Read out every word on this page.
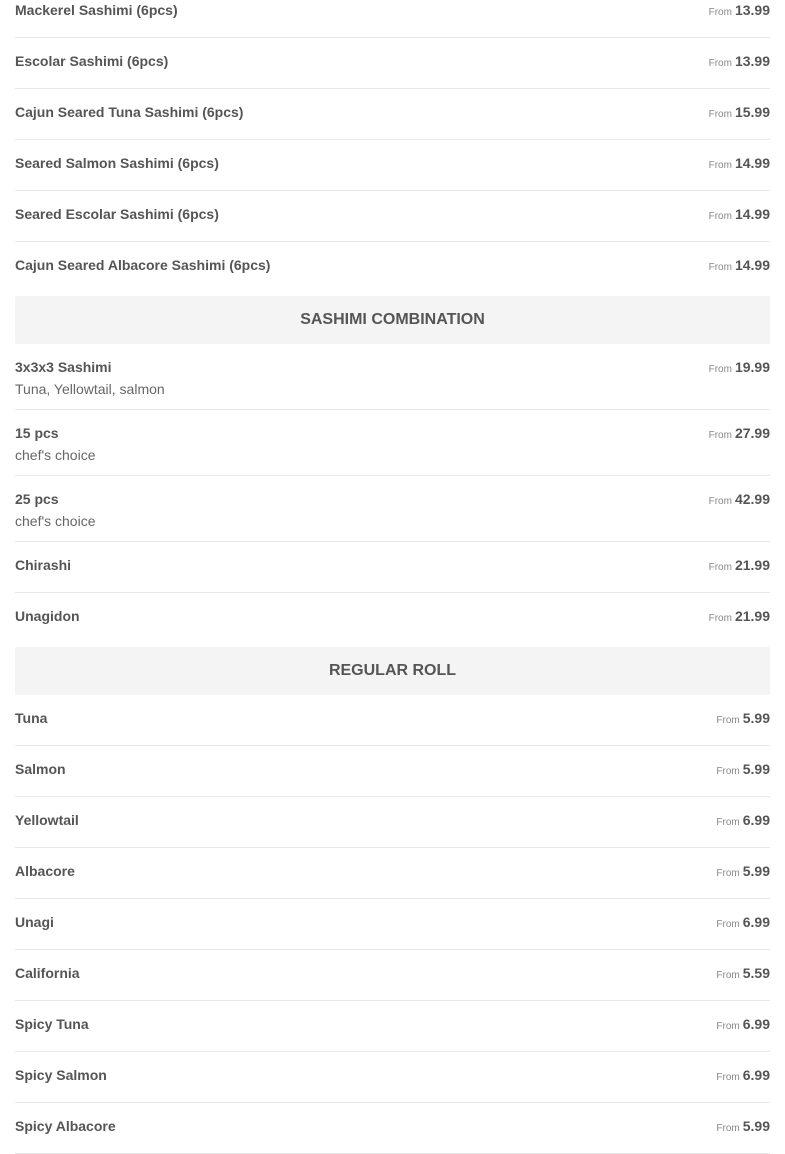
Mackerel Sashimi (6pcs)	From 13.99
Escolar Sashimi (6pcs)	From 13.99
Cajun Seared Tuna Sashimi (6pcs)	From 15.99
Seared Salmon Sashimi (6pcs)	From 14.99
Seared Escolar Sashimi (6pcs)	From 14.99
Cajun Seared Albacore Sashimi (6pcs)	From 14.99
SASHIMI COMBINATION
3x3x3 Sashimi
Tuna, Yellowtail, salmon
From 19.99
15 pcs
chef's choice
From 27.99
25 pcs
chef's choice
From 42.99
Chirashi	From 21.99
Unagidon	From 21.99
REGULAR ROLL
Tuna	From 5.99
Salmon	From 5.99
Yellowtail	From 6.99
Albacore	From 5.99
Unagi	From 6.99
California	From 5.59
Spicy Tuna	From 6.99
Spicy Salmon	From 6.99
Spicy Albacore	From 5.99
